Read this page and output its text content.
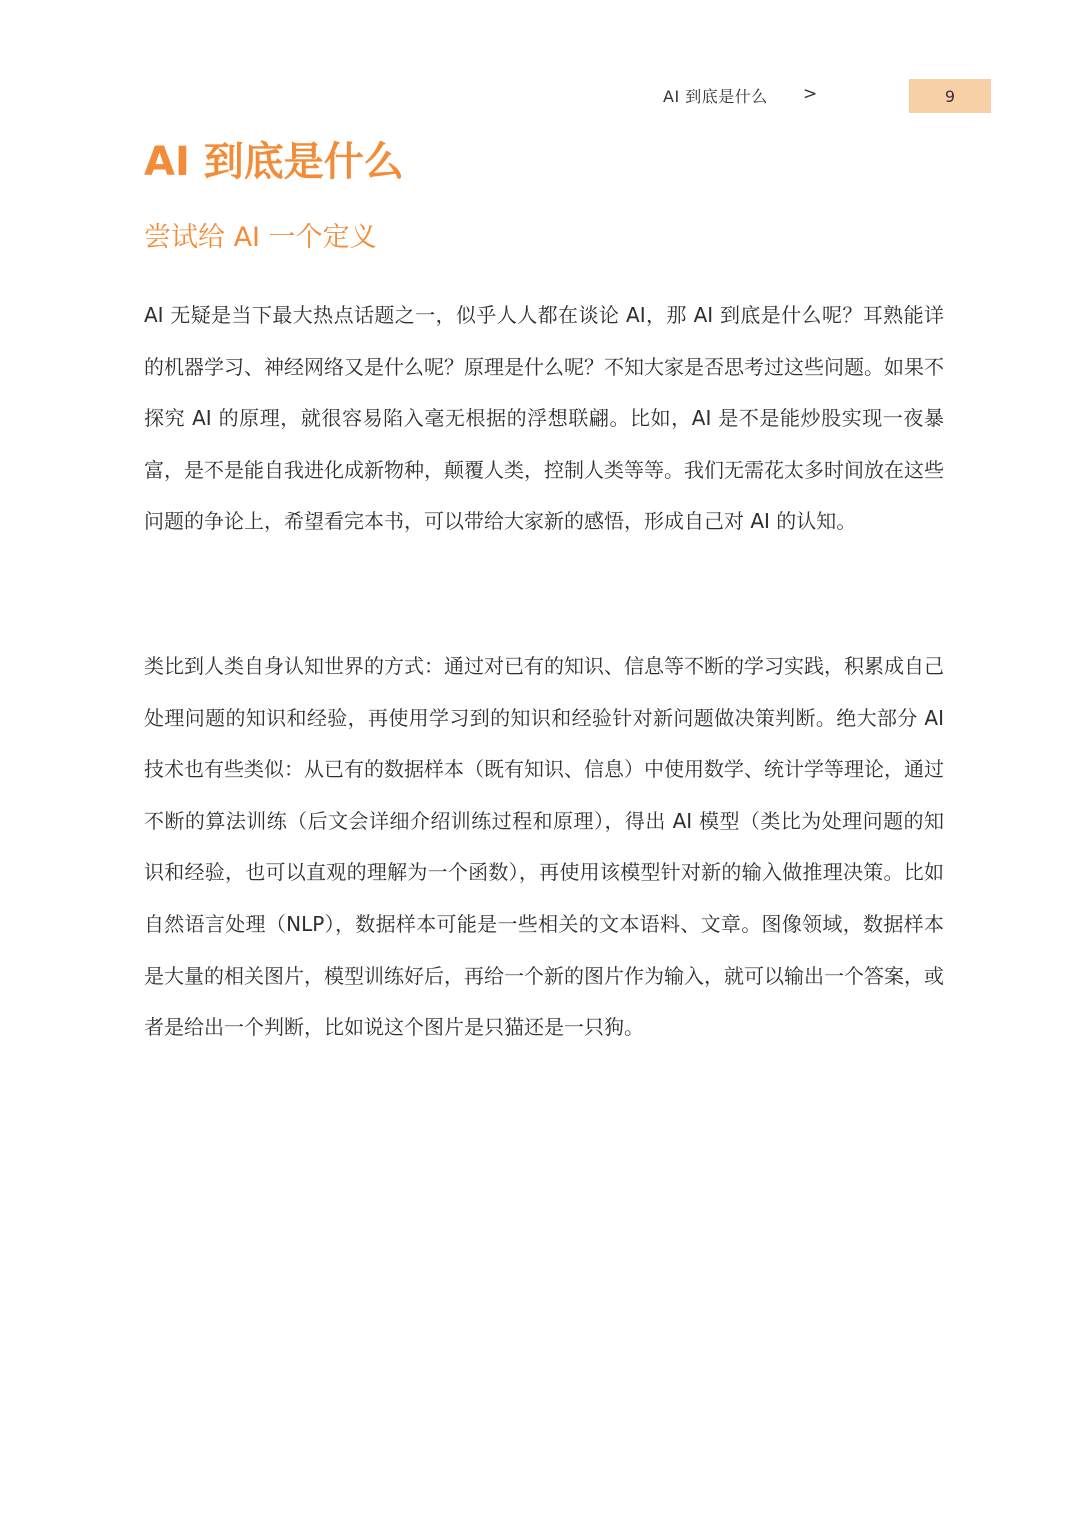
AI 到底是什么 >	9
AI 到底是什么
尝试给 AI 一个定义

AI 无疑是当下最大热点话题之一，似乎人人都在谈论 AI，那 AI 到底是什么呢？耳熟能详的机器学习、神经网络又是什么呢？原理是什么呢？不知大家是否思考过这些问题。如果不探究 AI 的原理，就很容易陷入毫无根据的浮想联翩。比如，AI 是不是能炒股实现一夜暴富，是不是能自我进化成新物种，颠覆人类，控制人类等等。我们无需花太多时间放在这些问题的争论上，希望看完本书，可以带给大家新的感悟，形成自己对 AI 的认知。

类比到人类自身认知世界的方式：通过对已有的知识、信息等不断的学习实践，积累成自己处理问题的知识和经验，再使用学习到的知识和经验针对新问题做决策判断。绝大部分 AI 技术也有些类似：从已有的数据样本（既有知识、信息）中使用数学、统计学等理论，通过不断的算法训练（后文会详细介绍训练过程和原理），得出 AI 模型（类比为处理问题的知识和经验，也可以直观的理解为一个函数），再使用该模型针对新的输入做推理决策。比如自然语言处理（NLP），数据样本可能是一些相关的文本语料、文章。图像领域，数据样本是大量的相关图片，模型训练好后，再给一个新的图片作为输入，就可以输出一个答案，或者是给出一个判断，比如说这个图片是只猫还是一只狗。
